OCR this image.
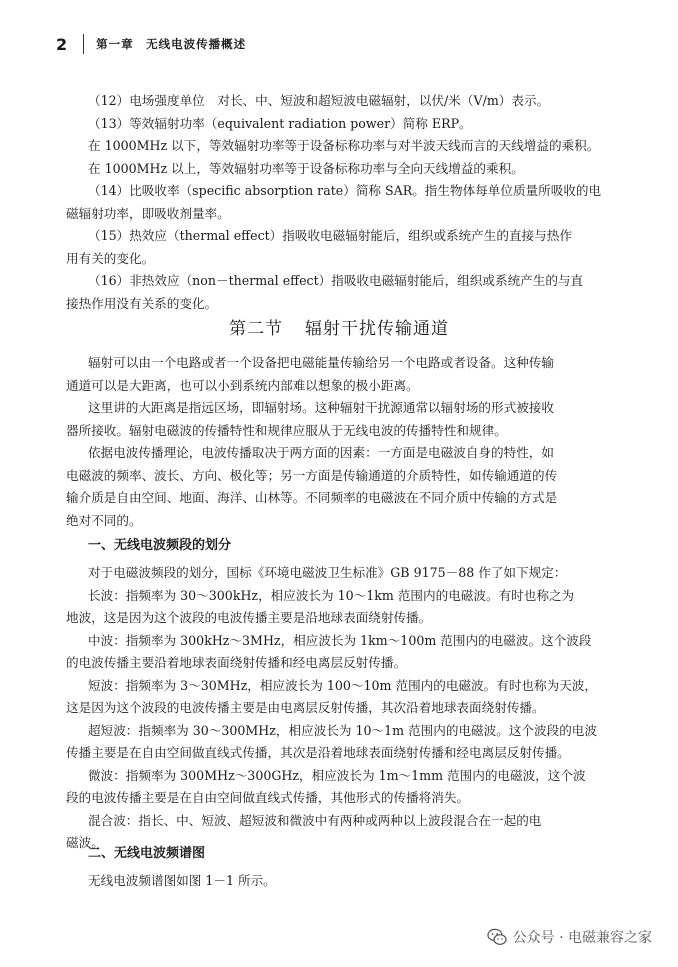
2	第一章　无线电波传播概述
（12）电场强度单位　对长、中、短波和超短波电磁辐射，以伏/米（V/m）表示。
（13）等效辐射功率（equivalent radiation power）简称 ERP。
在 1000MHz 以下，等效辐射功率等于设备标称功率与对半波天线而言的天线增益的乘积。
在 1000MHz 以上，等效辐射功率等于设备标称功率与全向天线增益的乘积。
（14）比吸收率（specific absorption rate）简称 SAR。指生物体每单位质量所吸收的电
磁辐射功率，即吸收剂量率。
（15）热效应（thermal effect）指吸收电磁辐射能后，组织或系统产生的直接与热作
用有关的变化。
（16）非热效应（non－thermal effect）指吸收电磁辐射能后，组织或系统产生的与直
接热作用没有关系的变化。
第二节 辐射干扰传输通道
辐射可以由一个电路或者一个设备把电磁能量传输给另一个电路或者设备。这种传输
通道可以是大距离，也可以小到系统内部难以想象的极小距离。
这里讲的大距离是指远区场，即辐射场。这种辐射干扰源通常以辐射场的形式被接收
器所接收。辐射电磁波的传播特性和规律应服从于无线电波的传播特性和规律。
依据电波传播理论，电波传播取决于两方面的因素：一方面是电磁波自身的特性，如
电磁波的频率、波长、方向、极化等；另一方面是传输通道的介质特性，如传输通道的传
输介质是自由空间、地面、海洋、山林等。不同频率的电磁波在不同介质中传输的方式是
绝对不同的。
一、无线电波频段的划分
对于电磁波频段的划分，国标《环境电磁波卫生标准》GB 9175－88 作了如下规定：
长波：指频率为 30～300kHz，相应波长为 10～1km 范围内的电磁波。有时也称之为
地波，这是因为这个波段的电波传播主要是沿地球表面绕射传播。
中波：指频率为 300kHz～3MHz，相应波长为 1km～100m 范围内的电磁波。这个波段
的电波传播主要沿着地球表面绕射传播和经电离层反射传播。
短波：指频率为 3～30MHz，相应波长为 100～10m 范围内的电磁波。有时也称为天波，
这是因为这个波段的电波传播主要是由电离层反射传播，其次沿着地球表面绕射传播。
超短波：指频率为 30～300MHz，相应波长为 10～1m 范围内的电磁波。这个波段的电波
传播主要是在自由空间做直线式传播，其次是沿着地球表面绕射传播和经电离层反射传播。
微波：指频率为 300MHz～300GHz，相应波长为 1m～1mm 范围内的电磁波，这个波
段的电波传播主要是在自由空间做直线式传播，其他形式的传播将消失。
混合波：指长、中、短波、超短波和微波中有两种或两种以上波段混合在一起的电
磁波。
二、无线电波频谱图
无线电波频谱图如图 1－1 所示。
公众号 · 电磁兼容之家
